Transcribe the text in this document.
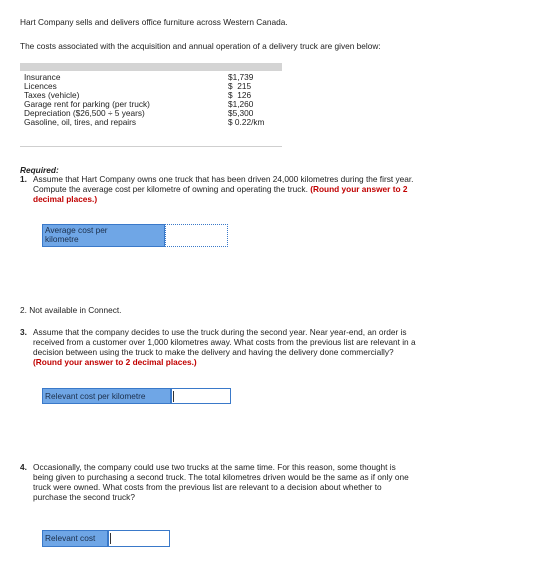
Hart Company sells and delivers office furniture across Western Canada.
The costs associated with the acquisition and annual operation of a delivery truck are given below:
Insurance	$1,739
Licences	$  215
Taxes (vehicle)	$  126
Garage rent for parking (per truck)	$1,260
Depreciation ($26,500 ÷ 5 years)	$5,300
Gasoline, oil, tires, and repairs	$ 0.22/km
Required:
1. Assume that Hart Company owns one truck that has been driven 24,000 kilometres during the first year.
Compute the average cost per kilometre of owning and operating the truck. (Round your answer to 2
decimal places.)
Average cost per
kilometre
2. Not available in Connect.
3. Assume that the company decides to use the truck during the second year. Near year-end, an order is
received from a customer over 1,000 kilometres away. What costs from the previous list are relevant in a
decision between using the truck to make the delivery and having the delivery done commercially?
(Round your answer to 2 decimal places.)
Relevant cost per kilometre
4. Occasionally, the company could use two trucks at the same time. For this reason, some thought is
being given to purchasing a second truck. The total kilometres driven would be the same as if only one
truck were owned. What costs from the previous list are relevant to a decision about whether to
purchase the second truck?
Relevant cost
